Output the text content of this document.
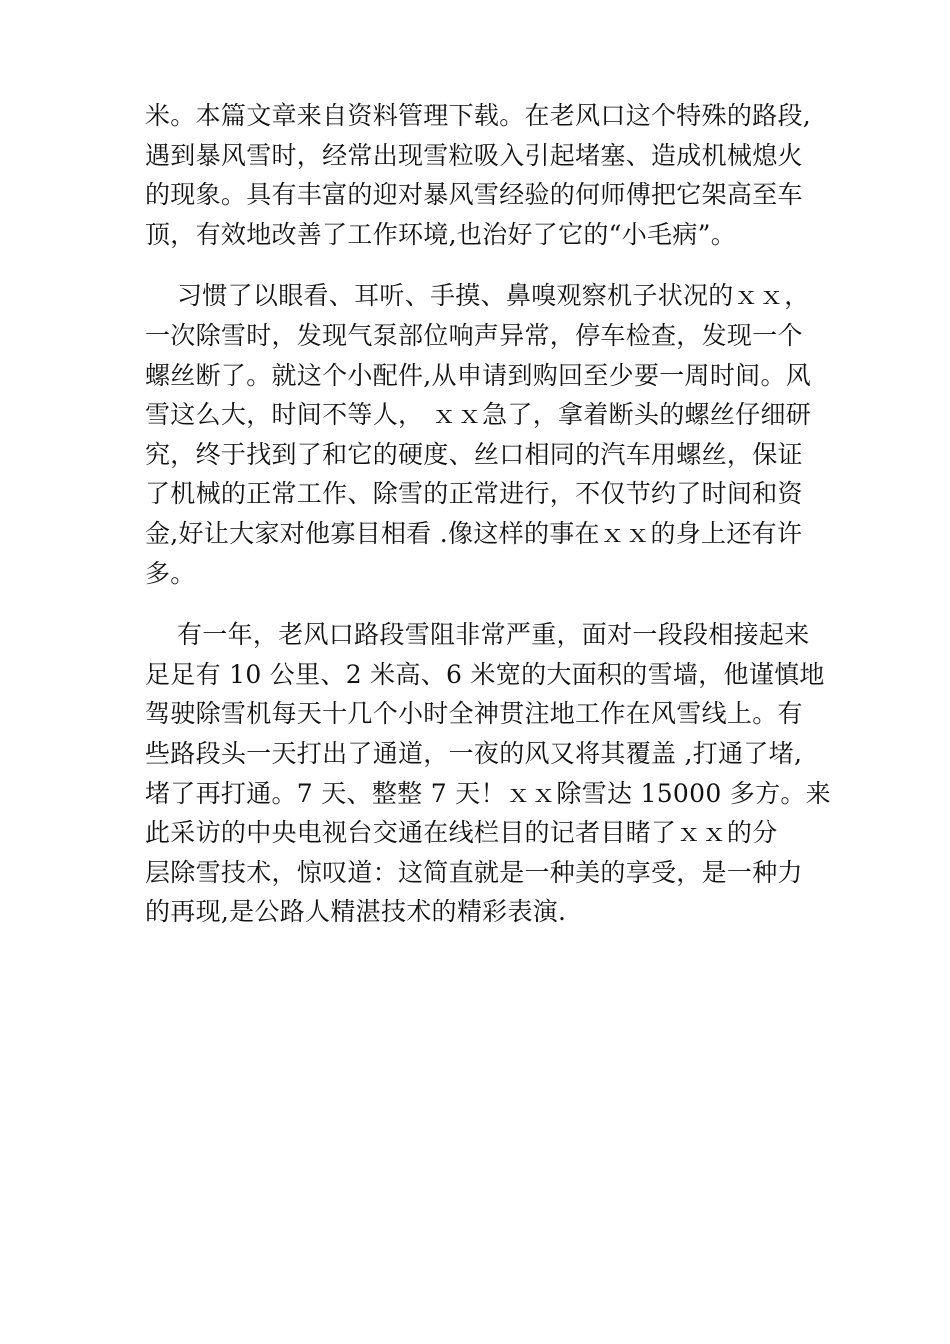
米。本篇文章来自资料管理下载。在老风口这个特殊的路段,
遇到暴风雪时，经常出现雪粒吸入引起堵塞、造成机械熄火
的现象。具有丰富的迎对暴风雪经验的何师傅把它架高至车
顶，有效地改善了工作环境,也治好了它的“小毛病”。
习惯了以眼看、耳听、手摸、鼻嗅观察机子状况的ｘｘ，
一次除雪时，发现气泵部位响声异常，停车检查，发现一个
螺丝断了。就这个小配件,从申请到购回至少要一周时间。风
雪这么大，时间不等人， ｘｘ急了，拿着断头的螺丝仔细研
究，终于找到了和它的硬度、丝口相同的汽车用螺丝，保证
了机械的正常工作、除雪的正常进行，不仅节约了时间和资
金,好让大家对他寡目相看 .像这样的事在ｘｘ的身上还有许
多。
有一年，老风口路段雪阻非常严重，面对一段段相接起来
足足有 10 公里、2 米高、6 米宽的大面积的雪墙，他谨慎地
驾驶除雪机每天十几个小时全神贯注地工作在风雪线上。有
些路段头一天打出了通道，一夜的风又将其覆盖 ,打通了堵,
堵了再打通。7 天、整整 7 天！ｘｘ除雪达 15000 多方。来
此采访的中央电视台交通在线栏目的记者目睹了ｘｘ的分
层除雪技术，惊叹道：这简直就是一种美的享受，是一种力
的再现,是公路人精湛技术的精彩表演.
